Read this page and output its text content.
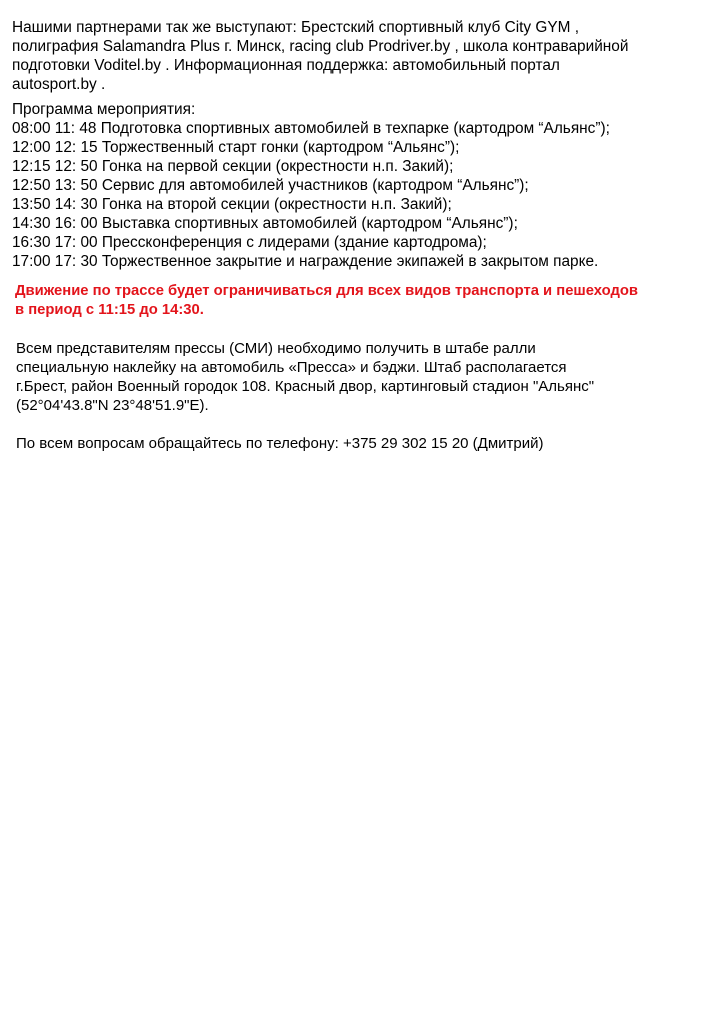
Нашими партнерами так же выступают: Брестский спортивный клуб City GYM ,
полиграфия Salamandra Plus г. Минск, racing club Prodriver.by , школа контраварийной
подготовки Voditel.by . Информационная поддержка: автомобильный портал
autosport.by .

Программа мероприятия:
08:00 11: 48 Подготовка спортивных автомобилей в техпарке (картодром “Альянс”);
12:00 12: 15 Торжественный старт гонки (картодром “Альянс”);
12:15 12: 50 Гонка на первой секции (окрестности н.п. Закий);
12:50 13: 50 Сервис для автомобилей участников (картодром “Альянс”);
13:50 14: 30 Гонка на второй секции (окрестности н.п. Закий);
14:30 16: 00 Выставка спортивных автомобилей (картодром “Альянс”);
16:30 17: 00 Прессконференция с лидерами (здание картодрома);
17:00 17: 30 Торжественное закрытие и награждение экипажей в закрытом парке.

Движение по трассе будет ограничиваться для всех видов транспорта и пешеходов
в период с 11:15 до 14:30.

Всем представителям прессы (СМИ) необходимо получить в штабе ралли
специальную наклейку на автомобиль «Пресса» и бэджи. Штаб располагается
г.Брест, район Военный городок 108. Красный двор, картинговый стадион "Альянс"
(52°04'43.8"N 23°48'51.9"E).

По всем вопросам обращайтесь по телефону: +375 29 302 15 20 (Дмитрий)
